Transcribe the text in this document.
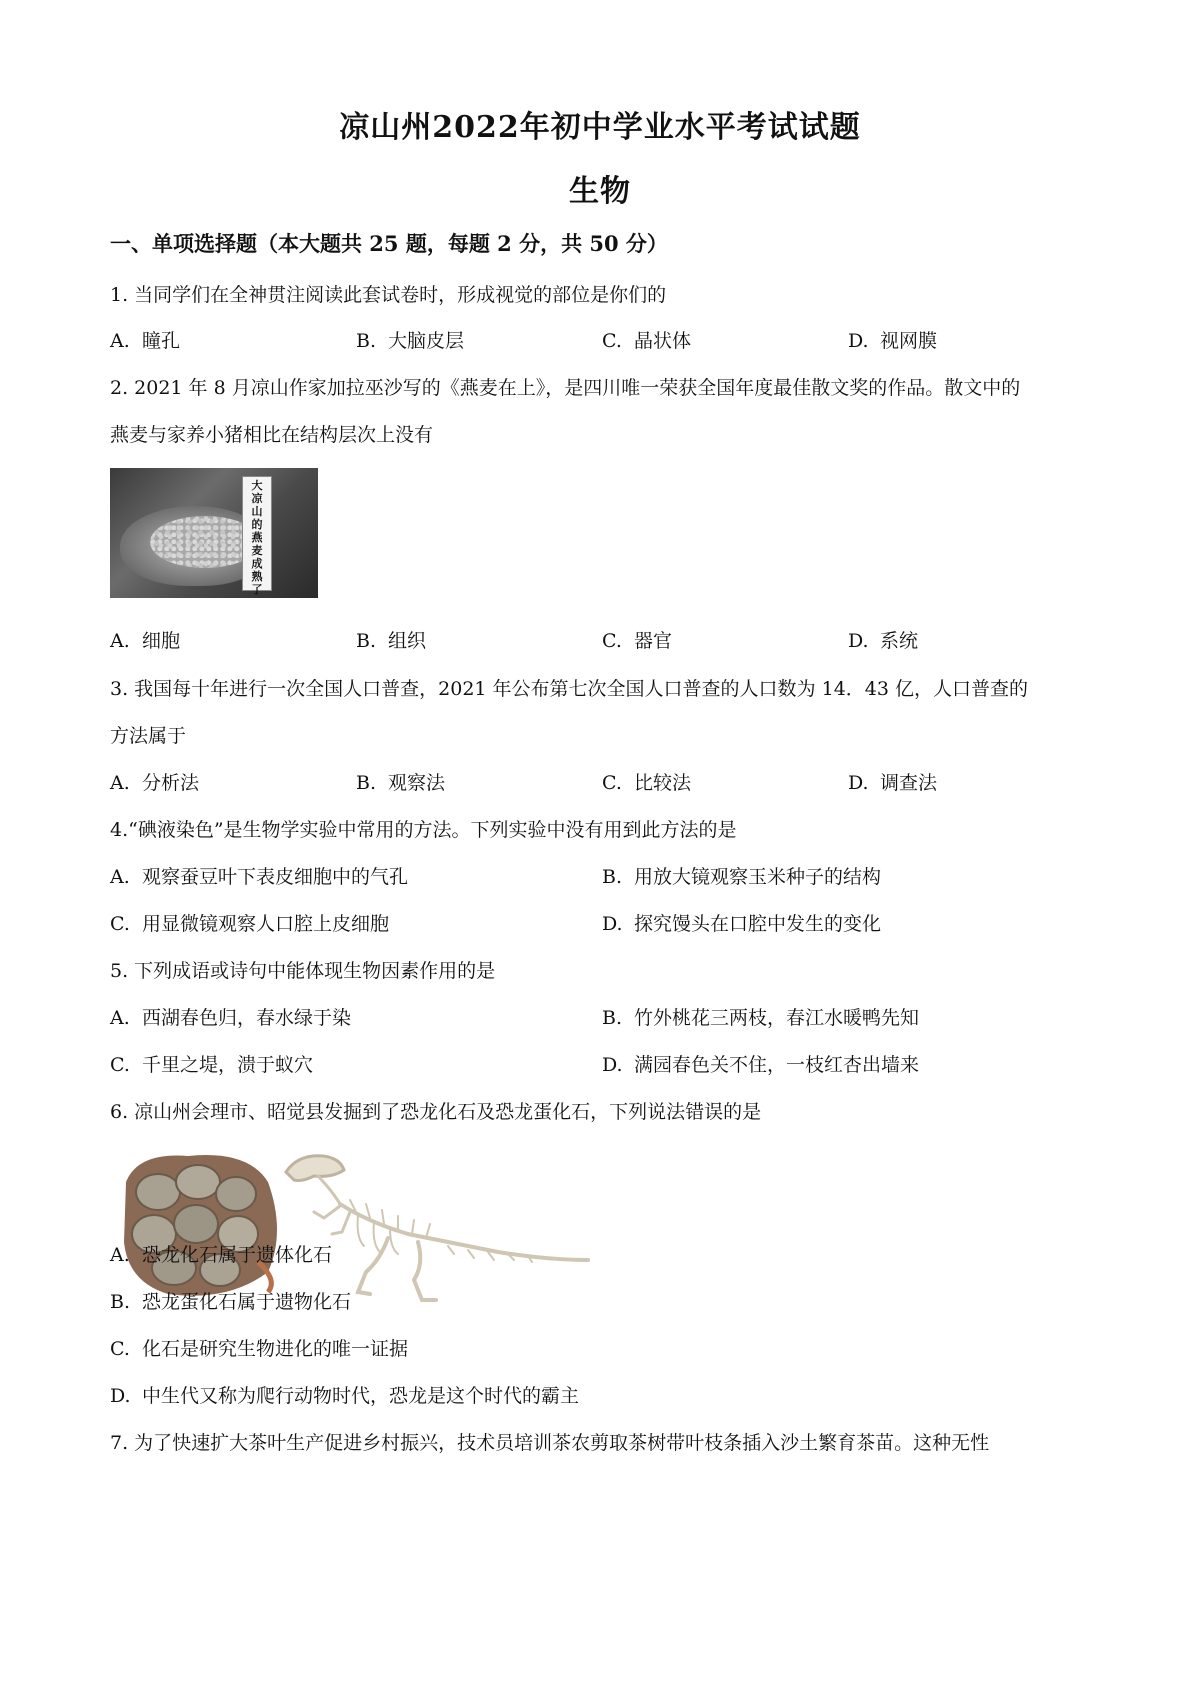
凉山州2022年初中学业水平考试试题
生物
一、单项选择题（本大题共 25 题，每题 2 分，共 50 分）
1. 当同学们在全神贯注阅读此套试卷时，形成视觉的部位是你们的
A. 瞳孔	B. 大脑皮层	C. 晶状体	D. 视网膜
2. 2021 年 8 月凉山作家加拉巫沙写的《燕麦在上》，是四川唯一荣获全国年度最佳散文奖的作品。散文中的
燕麦与家养小猪相比在结构层次上没有
大
凉
山
的
燕
麦
成
熟
了
A. 细胞	B. 组织	C. 器官	D. 系统
3. 我国每十年进行一次全国人口普查，2021 年公布第七次全国人口普查的人口数为 14．43 亿，人口普查的
方法属于
A. 分析法	B. 观察法	C. 比较法	D. 调查法
4.“碘液染色”是生物学实验中常用的方法。下列实验中没有用到此方法的是
A. 观察蚕豆叶下表皮细胞中的气孔	B. 用放大镜观察玉米种子的结构
C. 用显微镜观察人口腔上皮细胞	D. 探究馒头在口腔中发生的变化
5. 下列成语或诗句中能体现生物因素作用的是
A. 西湖春色归，春水绿于染	B. 竹外桃花三两枝，春江水暖鸭先知
C. 千里之堤，溃于蚁穴	D. 满园春色关不住，一枝红杏出墙来
6. 凉山州会理市、昭觉县发掘到了恐龙化石及恐龙蛋化石，下列说法错误的是
A. 恐龙化石属于遗体化石
B. 恐龙蛋化石属于遗物化石
C. 化石是研究生物进化的唯一证据
D. 中生代又称为爬行动物时代，恐龙是这个时代的霸主
7. 为了快速扩大茶叶生产促进乡村振兴，技术员培训茶农剪取茶树带叶枝条插入沙土繁育茶苗。这种无性
